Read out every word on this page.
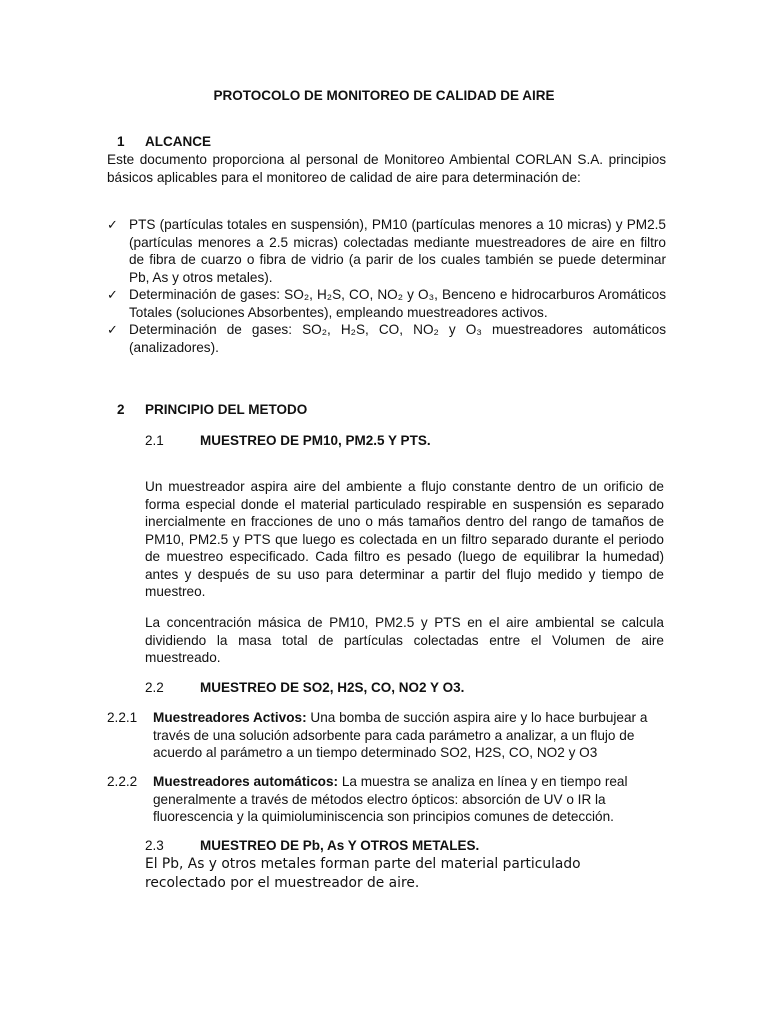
PROTOCOLO DE MONITOREO DE CALIDAD DE AIRE
1 ALCANCE
Este documento proporciona al personal de Monitoreo Ambiental CORLAN S.A. principios básicos aplicables para el monitoreo de calidad de aire para determinación de:
✓ PTS (partículas totales en suspensión), PM10 (partículas menores a 10 micras) y PM2.5 (partículas menores a 2.5 micras) colectadas mediante muestreadores de aire en filtro de fibra de cuarzo o fibra de vidrio (a parir de los cuales también se puede determinar Pb, As y otros metales).
✓ Determinación de gases: SO₂, H₂S, CO, NO₂ y O₃, Benceno e hidrocarburos Aromáticos Totales (soluciones Absorbentes), empleando muestreadores activos.
✓ Determinación de gases: SO₂, H₂S, CO, NO₂ y O₃ muestreadores automáticos (analizadores).
2 PRINCIPIO DEL METODO
2.1	MUESTREO DE PM10, PM2.5 Y PTS.
Un muestreador aspira aire del ambiente a flujo constante dentro de un orificio de forma especial donde el material particulado respirable en suspensión es separado inercialmente en fracciones de uno o más tamaños dentro del rango de tamaños de PM10, PM2.5 y PTS que luego es colectada en un filtro separado durante el periodo de muestreo especificado. Cada filtro es pesado (luego de equilibrar la humedad) antes y después de su uso para determinar a partir del flujo medido y tiempo de muestreo.
La concentración másica de PM10, PM2.5 y PTS en el aire ambiental se calcula dividiendo la masa total de partículas colectadas entre el Volumen de aire muestreado.
2.2	MUESTREO DE SO2, H2S, CO, NO2 Y O3.
2.2.1 Muestreadores Activos: Una bomba de succión aspira aire y lo hace burbujear a través de una solución adsorbente para cada parámetro a analizar, a un flujo de acuerdo al parámetro a un tiempo determinado SO2, H2S, CO, NO2 y O3
2.2.2 Muestreadores automáticos: La muestra se analiza en línea y en tiempo real generalmente a través de métodos electro ópticos: absorción de UV o IR la fluorescencia y la quimioluminiscencia son principios comunes de detección.
2.3	MUESTREO DE Pb, As Y OTROS METALES.
El Pb, As y otros metales forman parte del material particulado recolectado por el muestreador de aire.
